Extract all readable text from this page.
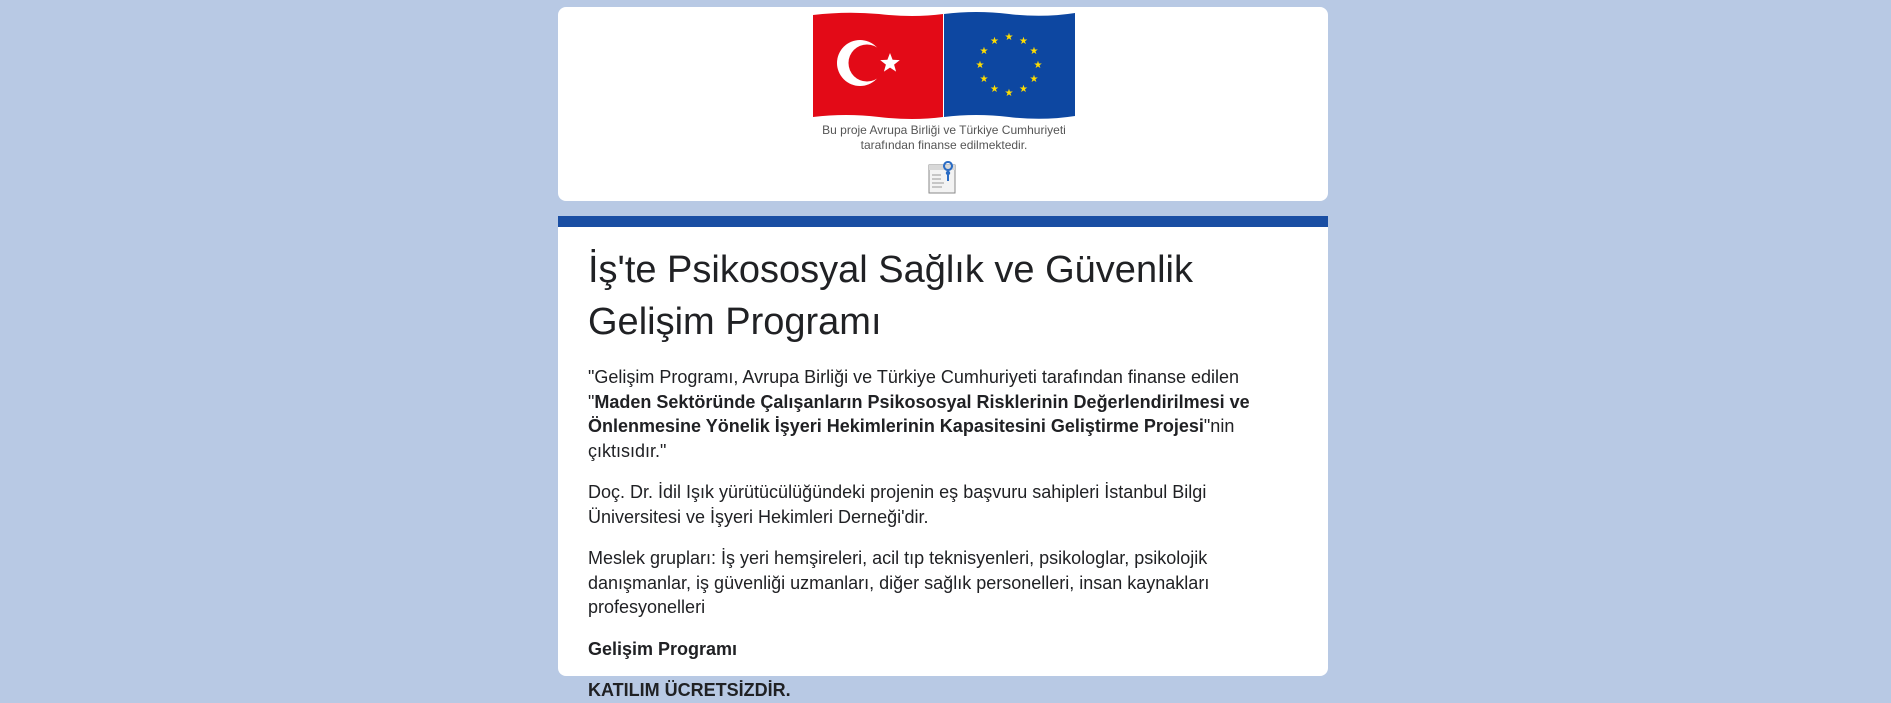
★ ★
★
★
★
★
★
★
★
★
★
★
Bu proje Avrupa Birliği ve Türkiye Cumhuriyeti
tarafından finanse edilmektedir.
İş'te Psikososyal Sağlık ve Güvenlik Gelişim Programı

"Gelişim Programı, Avrupa Birliği ve Türkiye Cumhuriyeti tarafından finanse edilen "Maden Sektöründe Çalışanların Psikososyal Risklerinin Değerlendirilmesi ve Önlenmesine Yönelik İşyeri Hekimlerinin Kapasitesini Geliştirme Projesi"nin çıktısıdır."

Doç. Dr. İdil Işık yürütücülüğündeki projenin eş başvuru sahipleri İstanbul Bilgi Üniversitesi ve İşyeri Hekimleri Derneği'dir.

Meslek grupları: İş yeri hemşireleri, acil tıp teknisyenleri, psikologlar, psikolojik danışmanlar, iş güvenliği uzmanları, diğer sağlık personelleri, insan kaynakları profesyonelleri

Gelişim Programı

KATILIM ÜCRETSİZDİR.
